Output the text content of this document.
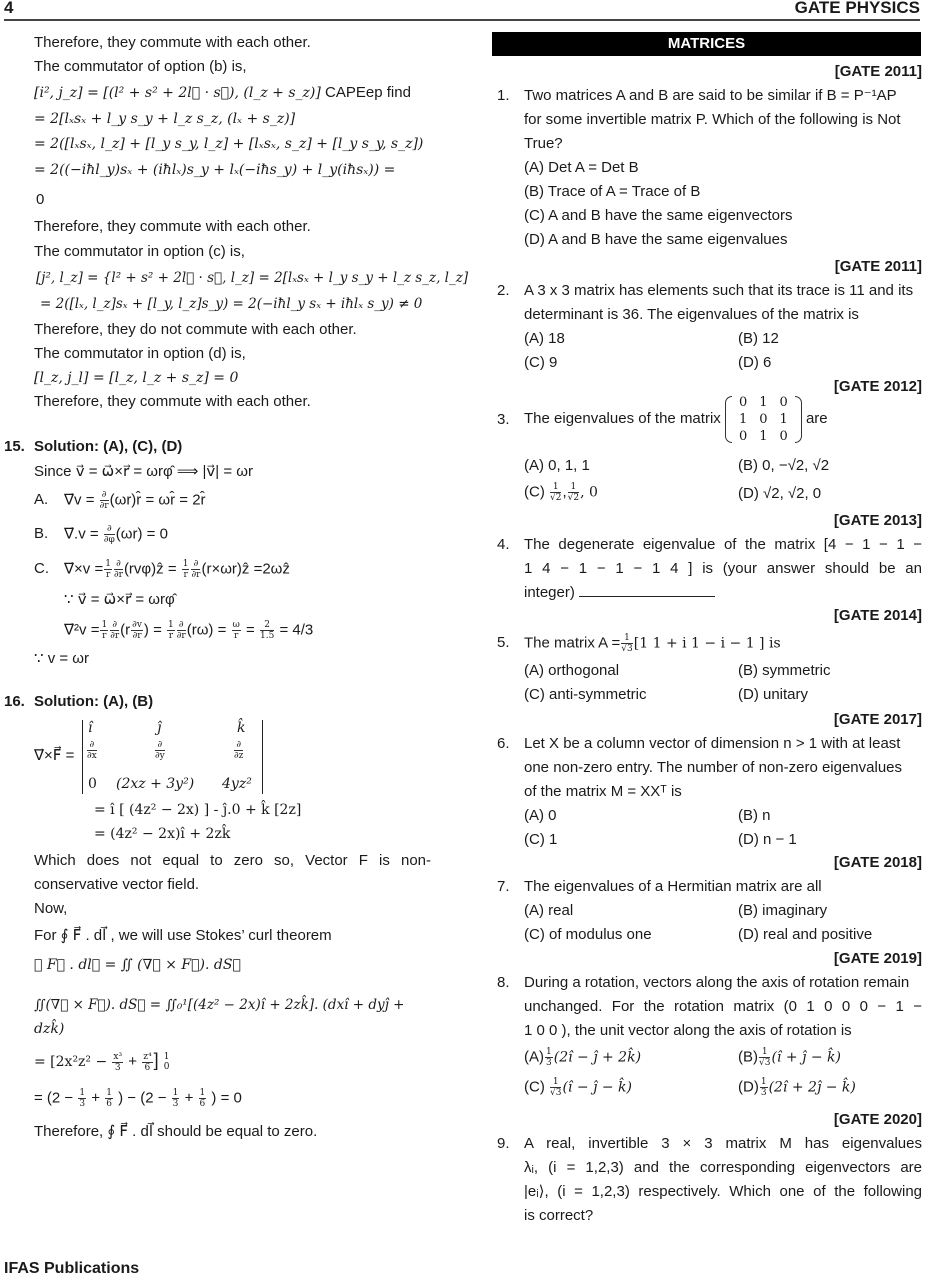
4	GATE PHYSICS
Therefore, they commute with each other.
The commutator of option (b) is,
[i², j_z] = [(l² + s² + 2l⃗ · s⃗), (l_z + s_z)] CAPEep find
= 2[lₓsₓ + l_y s_y + l_z s_z, (lₓ + s_z)]
= 2([lₓsₓ, l_z] + [l_y s_y, l_z] + [lₓsₓ, s_z] + [l_y s_y, s_z])
= 2((−iħl_y)sₓ + (iħlₓ)s_y + lₓ(−iħs_y) + l_y(iħsₓ)) =
0
Therefore, they commute with each other.
The commutator in option (c) is,
[j², l_z] = {l² + s² + 2l⃗ · s⃗, l_z] = 2[lₓsₓ + l_y s_y + l_z s_z, l_z]
= 2([lₓ, l_z]sₓ + [l_y, l_z]s_y) = 2(−iħl_y sₓ + iħlₓ s_y) ≠ 0
Therefore, they do not commute with each other.
The commutator in option (d) is,
[l_z, j_l] = [l_z, l_z + s_z] = 0
Therefore, they commute with each other.
15. Solution: (A), (C), (D)
Since v⃗ = ω⃗×r⃗ = ωrφ̂ ⟹ |v⃗| = ωr
A. ∇⃗v = $\frac{\partial}{\partial r}$ (ωr)r̂ = ωr̂ = 2r̂
B. ∇⃗.v = $\frac{\partial}{\partial\varphi} (\omega r) = 0$
C. ∇⃗×v = $\frac{1}{r} \frac{\partial}{\partial r}$ (rvφ)ẑ = $\frac{1}{r} \frac{\partial}{\partial r}$ (r×ωr)ẑ =2ωẑ
∵ v⃗ = ω⃗×r⃗ = ωrφ̂
∇⃗²v = $\frac{1}{r} \frac{\partial}{\partial r} (r \frac{\partial v}{\partial r}$ ) = $\frac{1}{r} \frac{\partial}{\partial r} (r\omega) = \frac{\omega}{r} = \frac{2}{1.5} = 4/3$
∵ v = ωr
16. Solution: (A), (B)
∇⃗×F⃗ =
î	ĵ	k̂
$\frac{\partial}{\partial x}$	$\frac{\partial}{\partial y}$	$\frac{\partial}{\partial z}$
0 (2xz + 3y²) 4yz²
= î [ (4z² − 2x) ] - ĵ.0 + k̂ [2z]
= (4z² − 2x)î + 2zk̂
Which does not equal to zero so, Vector F is non-
conservative vector field.
Now,
For ∮ F⃗ . dl⃗ , we will use Stokes’ curl theorem
∮ F⃗ . dl⃗ = ∬ (∇⃗ × F⃗). dS⃗
∬(∇⃗ × F⃗). dS⃗ = ∬₀¹[(4z² − 2x)î + 2zk̂]. (dxî + dyĵ +
dzk̂)
= [$2x^2z^2 - \frac{\text{x³}}{3} + \frac{\text{z⁴}}{6}$ ] 1
0
= ($2 - \frac{1}{3} + \frac{1}{6}$ ) − ($2 - \frac{1}{3} + \frac{1}{6}$ ) = 0
Therefore, ∮ F⃗ . dl⃗ should be equal to zero.
MATRICES
[GATE 2011]
1. Two matrices A and B are said to be similar if B = P⁻¹AP
for some invertible matrix P. Which of the following is Not
True?
(A) Det A = Det B
(B) Trace of A = Trace of B
(C) A and B have the same eigenvectors
(D) A and B have the same eigenvalues
[GATE 2011]
2. A 3 x 3 matrix has elements such that its trace is 11 and its
determinant is 36. The eigenvalues of the matrix is
(A) 18	(B) 12
(C) 9	(D) 6
[GATE 2012]
3. The eigenvalues of the matrix
0	1	0
1	0	1
0	1	0
are
(A) 0, 1, 1	(B) 0, −√2, √2
$(C) \frac{1}{√2}$ , $\frac{1}{√2}$ , 0	(D) √2, √2, 0
[GATE 2013]
4. The degenerate eigenvalue of the matrix [4 − 1 − 1 −
1 4 − 1 − 1 − 1 4 ] is (your answer should be an
integer)
[GATE 2014]
5. The matrix $A = \frac{1}{√3} [1$ 1 + i 1 − i − 1 ] is
(A) orthogonal	(B) symmetric
(C) anti-symmetric	(D) unitary
[GATE 2017]
6. Let X be a column vector of dimension n > 1 with at least
one non-zero entry. The number of non-zero eigenvalues
of the matrix M = XXᵀ is
(A) 0	(B) n
(C) 1	(D) n − 1
[GATE 2018]
7. The eigenvalues of a Hermitian matrix are all
(A) real	(B) imaginary
(C) of modulus one	(D) real and positive
[GATE 2019]
8. During a rotation, vectors along the axis of rotation remain
unchanged. For the rotation matrix (0 1 0 0 0 − 1 −
1 0 0 ), the unit vector along the axis of rotation is
$(A) \frac{1}{3}$ (2î − ĵ + 2k̂)	$(B) \frac{1}{√3}$ (î + ĵ − k̂)
$(C) \frac{1}{√3}$ (î − ĵ − k̂)	$(D) \frac{1}{3}$ (2î + 2ĵ − k̂)
[GATE 2020]
9. A real, invertible 3 × 3 matrix M has eigenvalues
λᵢ, (i = 1,2,3) and the corresponding eigenvectors are
|eᵢ⟩, (i = 1,2,3) respectively. Which one of the following
is correct?
IFAS Publications
